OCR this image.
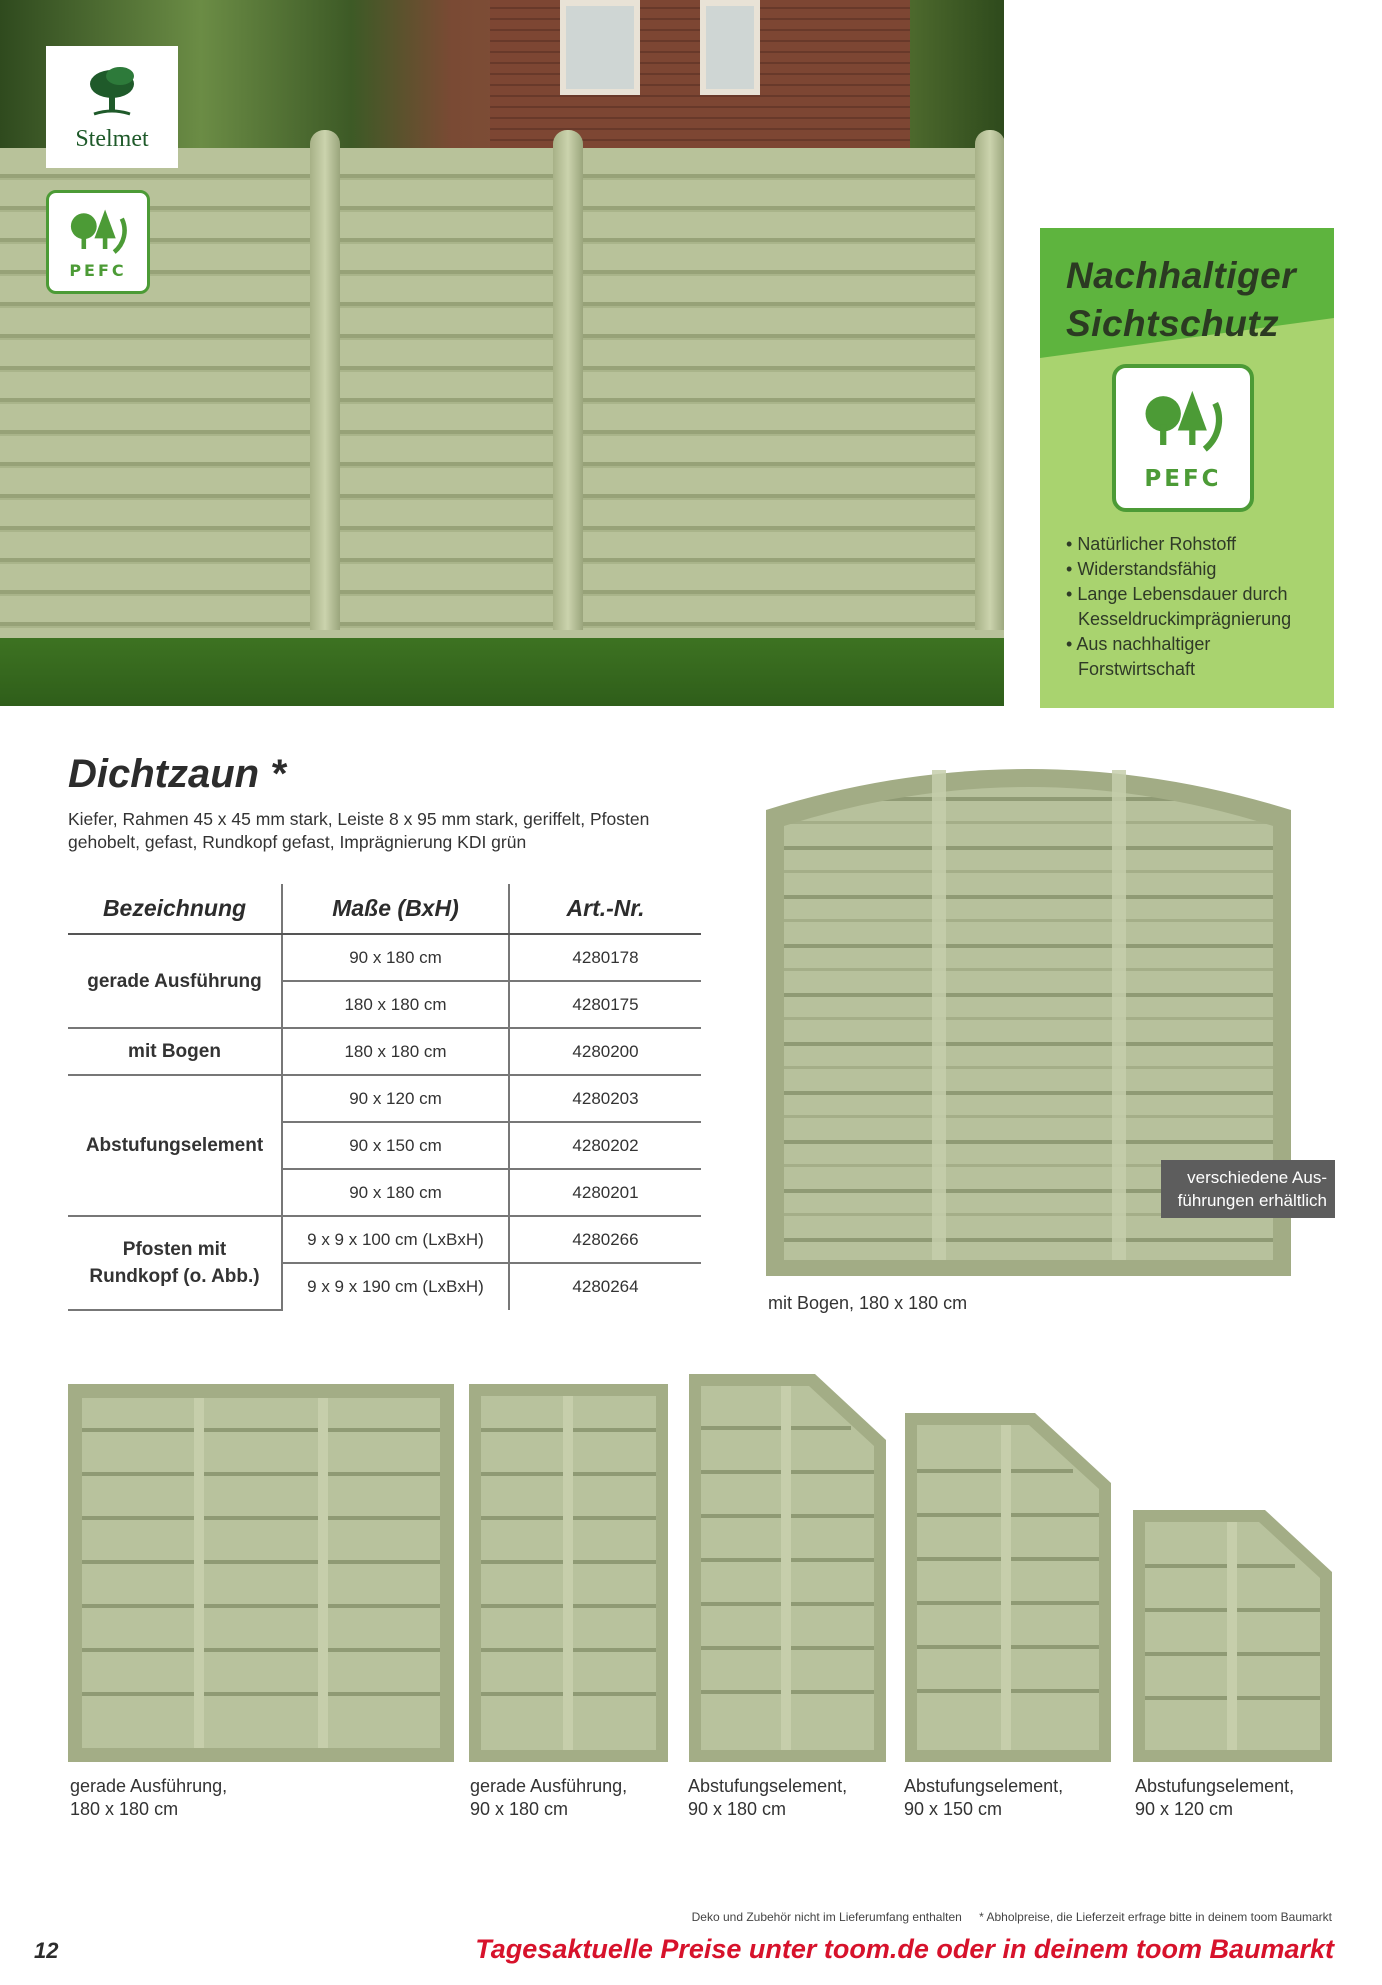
Stelmet
PEFC	Nachhaltiger
Sichtschutz
PEFC
• Natürlicher Rohstoff
• Widerstandsfähig
• Lange Lebensdauer durch Kesseldruckimprägnierung
• Aus nachhaltiger Forstwirtschaft
Dichtzaun *
Kiefer, Rahmen 45 x 45 mm stark, Leiste 8 x 95 mm stark, geriffelt, Pfosten gehobelt, gefast, Rundkopf gefast, Imprägnierung KDI grün
Bezeichnung	Maße (BxH)	Art.-Nr.
gerade Ausführung	90 x 180 cm	4280178
	180 x 180 cm	4280175
mit Bogen	180 x 180 cm	4280200
Abstufungselement	90 x 120 cm	4280203
	90 x 150 cm	4280202
	90 x 180 cm	4280201
Pfosten mit Rundkopf (o. Abb.)	9 x 9 x 100 cm (LxBxH)	4280266
	9 x 9 x 190 cm (LxBxH)	4280264
verschiedene Aus-
führungen erhältlich
mit Bogen, 180 x 180 cm
gerade Ausführung,
180 x 180 cm
gerade Ausführung,
90 x 180 cm
Abstufungselement,
90 x 180 cm
Abstufungselement,
90 x 150 cm
Abstufungselement,
90 x 120 cm
Deko und Zubehör nicht im Lieferumfang enthalten * Abholpreise, die Lieferzeit erfrage bitte in deinem toom Baumarkt
12	Tagesaktuelle Preise unter toom.de oder in deinem toom Baumarkt
